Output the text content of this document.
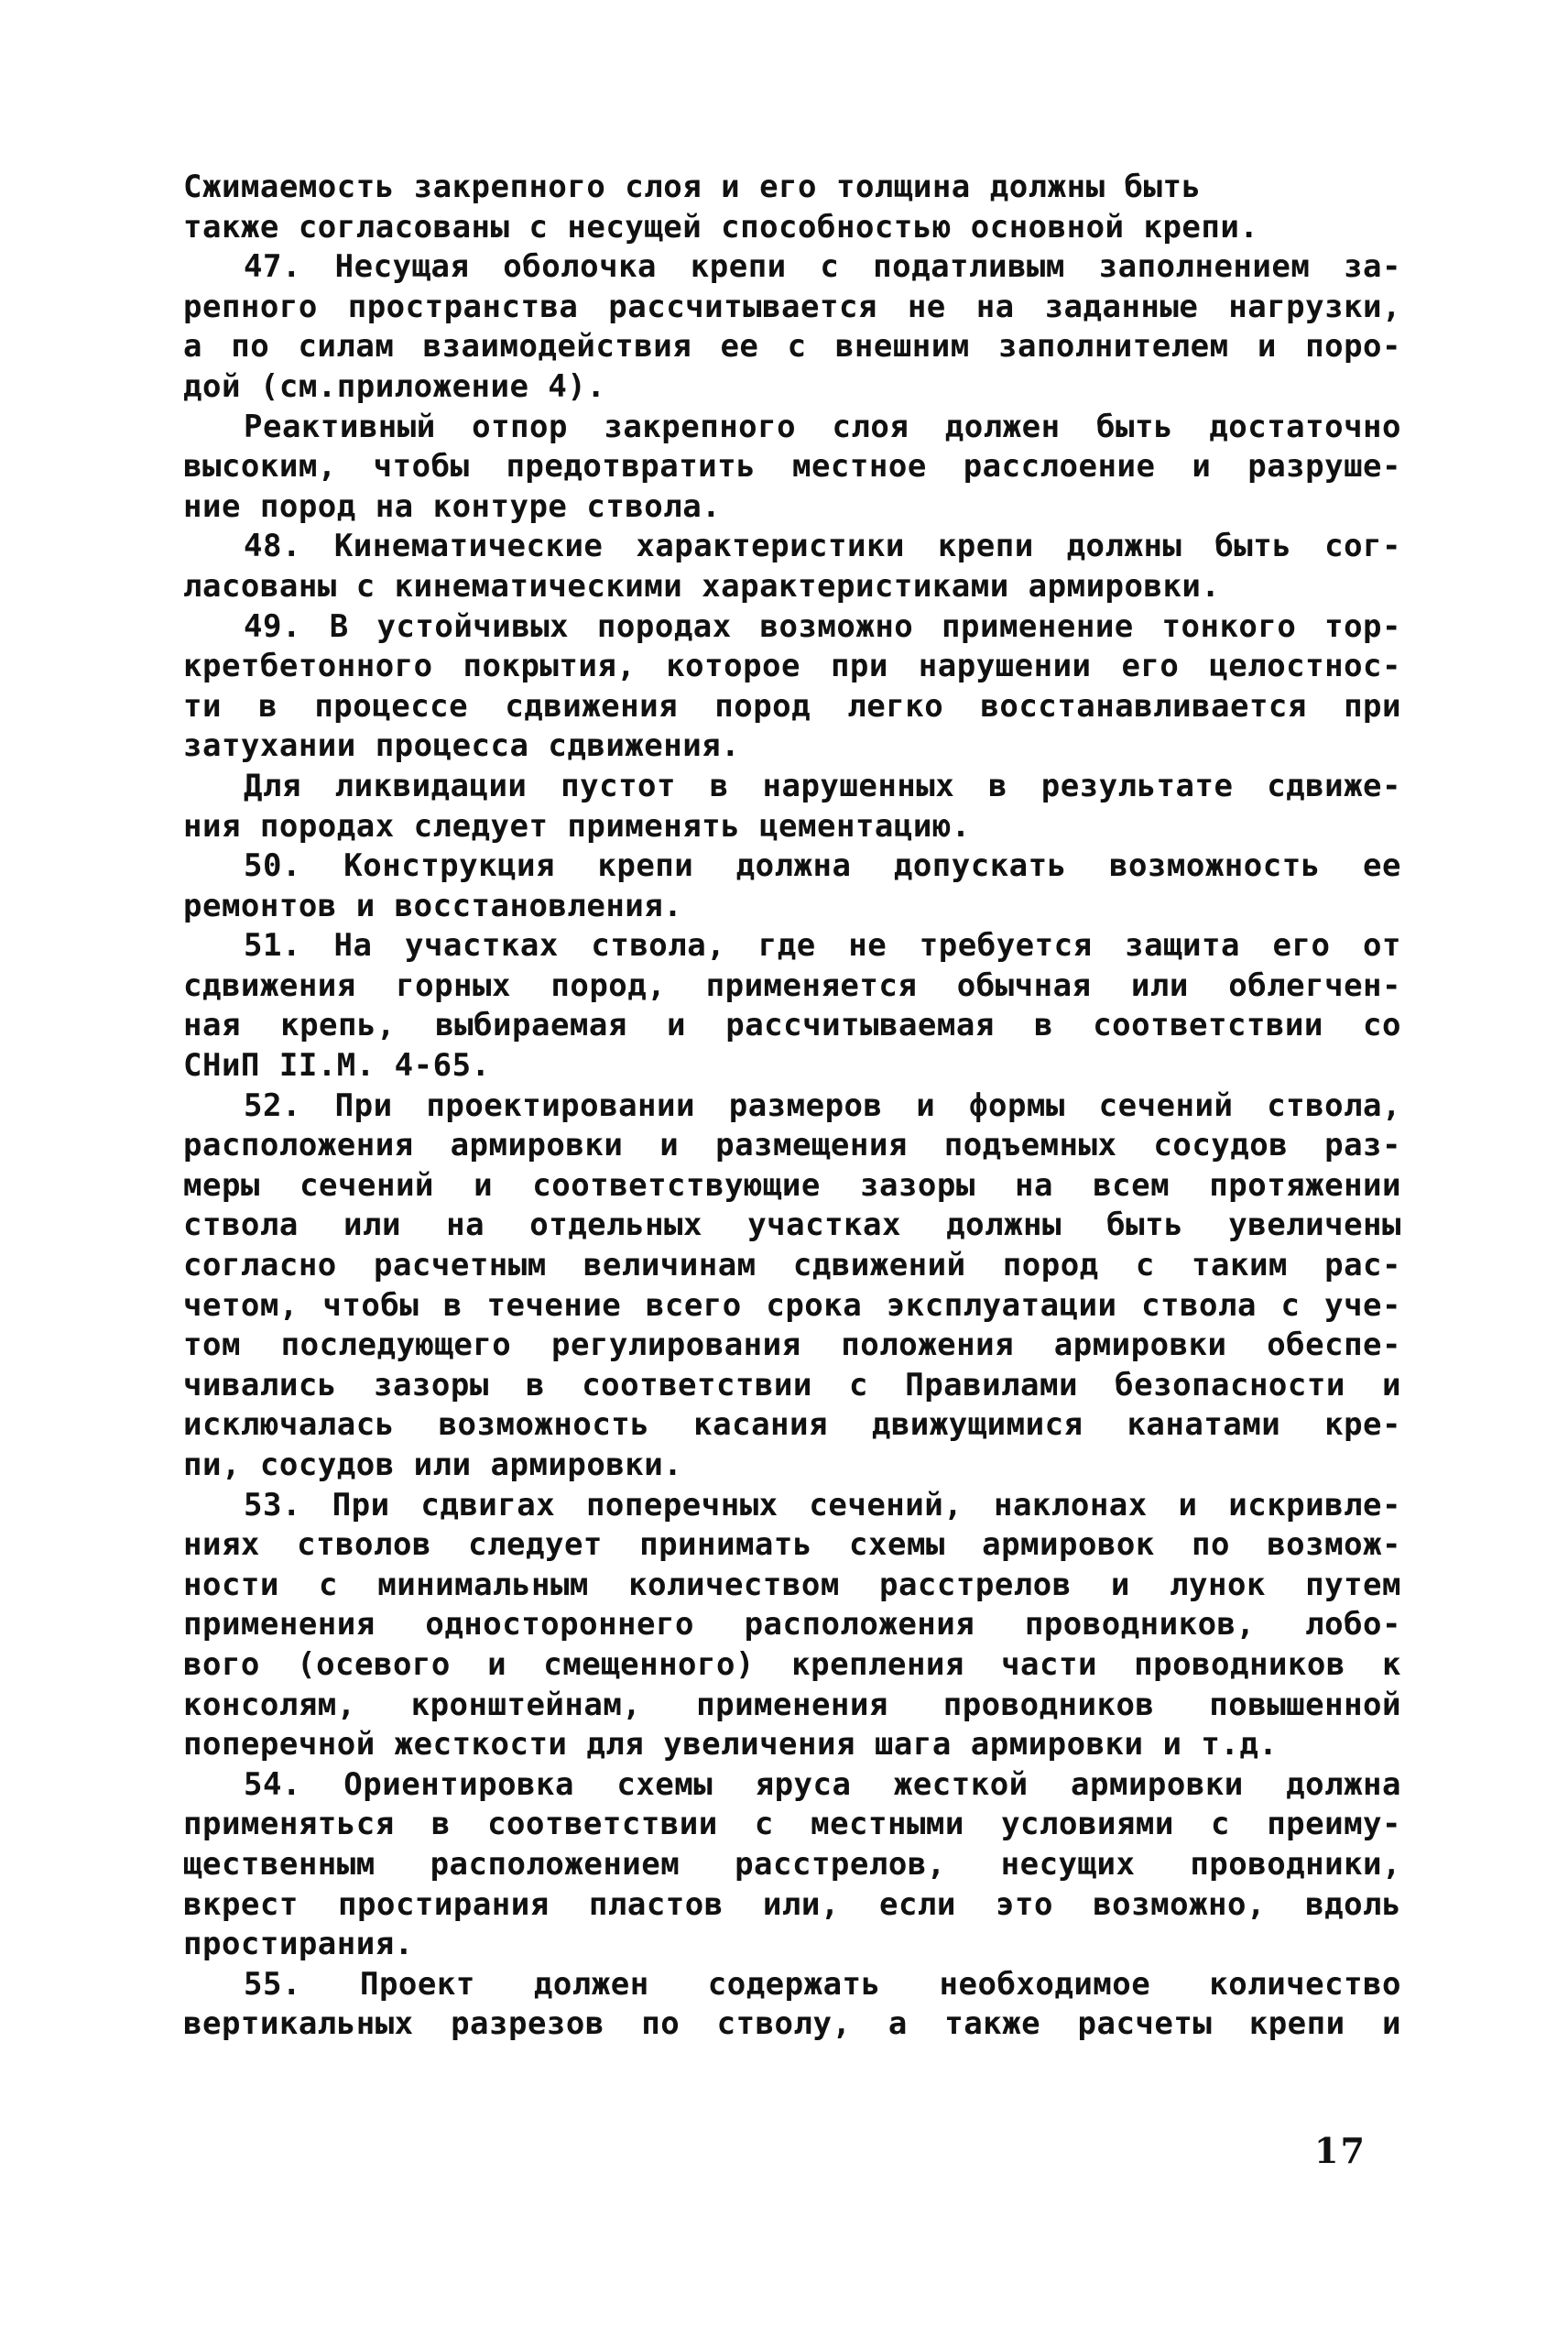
Сжимаемость закрепного слоя и его толщина должны быть
также согласованы с несущей способностью основной крепи.
47. Несущая оболочка крепи с податливым заполнением за-
репного пространства рассчитывается не на заданные нагрузки,
а по силам взаимодействия ее с внешним заполнителем и поро-
дой (см.приложение 4).
Реактивный отпор закрепного слоя должен быть достаточно
высоким, чтобы предотвратить местное расслоение и разруше-
ние пород на контуре ствола.
48. Кинематические характеристики крепи должны быть сог-
ласованы с кинематическими характеристиками армировки.
49. В устойчивых породах возможно применение тонкого тор-
кретбетонного покрытия, которое при нарушении его целостнос-
ти в процессе сдвижения пород легко восстанавливается при
затухании процесса сдвижения.
Для ликвидации пустот в нарушенных в результате сдвиже-
ния породах следует применять цементацию.
50. Конструкция крепи должна допускать возможность ее
ремонтов и восстановления.
51. На участках ствола, где не требуется защита его от
сдвижения горных пород, применяется обычная или облегчен-
ная крепь, выбираемая и рассчитываемая в соответствии со
СНиП II.М. 4-65.
52. При проектировании размеров и формы сечений ствола,
расположения армировки и размещения подъемных сосудов раз-
меры сечений и соответствующие зазоры на всем протяжении
ствола или на отдельных участках должны быть увеличены
согласно расчетным величинам сдвижений пород с таким рас-
четом, чтобы в течение всего срока эксплуатации ствола с уче-
том последующего регулирования положения армировки обеспе-
чивались зазоры в соответствии с Правилами безопасности и
исключалась возможность касания движущимися канатами кре-
пи, сосудов или армировки.
53. При сдвигах поперечных сечений, наклонах и искривле-
ниях стволов следует принимать схемы армировок по возмож-
ности с минимальным количеством расстрелов и лунок путем
применения одностороннего расположения проводников, лобо-
вого (осевого и смещенного) крепления части проводников к
консолям, кронштейнам, применения проводников повышенной
поперечной жесткости для увеличения шага армировки и т.д.
54. Ориентировка схемы яруса жесткой армировки должна
применяться в соответствии с местными условиями с преиму-
щественным расположением расстрелов, несущих проводники,
вкрест простирания пластов или, если это возможно, вдоль
простирания.
55. Проект должен содержать необходимое количество
вертикальных разрезов по стволу, а также расчеты крепи и
17
